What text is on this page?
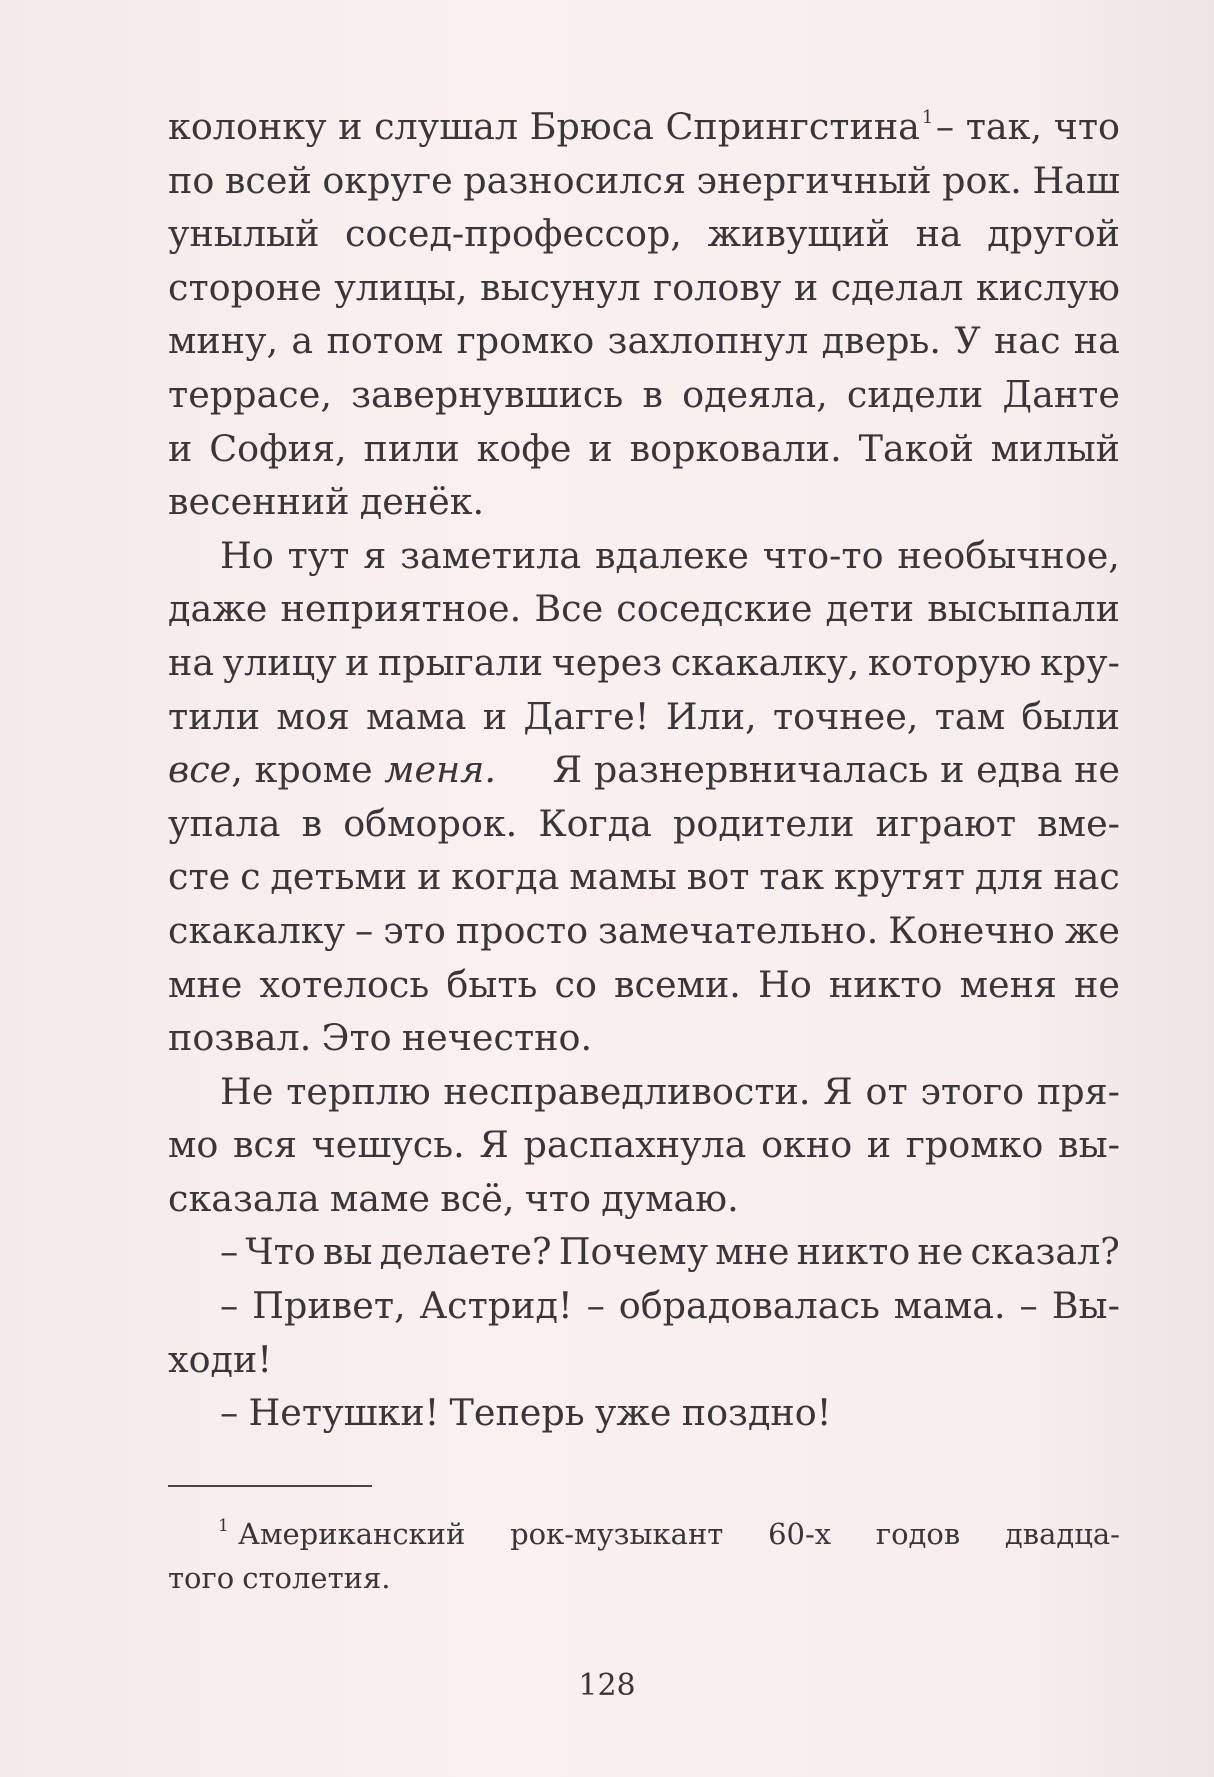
колонку и слушал Брюса Спрингстина $^1$ – так, что
по всей округе разносился энергичный рок. Наш
унылый сосед-профессор, живущий на другой
стороне улицы, высунул голову и сделал кислую
мину, а потом громко захлопнул дверь. У нас на
террасе, завернувшись в одеяла, сидели Данте
и София, пили кофе и ворковали. Такой милый
весенний денёк.
Но тут я заметила вдалеке что-то необычное,
даже неприятное. Все соседские дети высыпали
на улицу и прыгали через скакалку, которую кру-
тили моя мама и Дагге! Или, точнее, там были
все, кроме меня. Я разнервничалась и едва не
упала в обморок. Когда родители играют вме-
сте с детьми и когда мамы вот так крутят для нас
скакалку – это просто замечательно. Конечно же
мне хотелось быть со всеми. Но никто меня не
позвал. Это нечестно.
Не терплю несправедливости. Я от этого пря-
мо вся чешусь. Я распахнула окно и громко вы-
сказала маме всё, что думаю.
– Что вы делаете? Почему мне никто не сказал?
– Привет, Астрид! – обрадовалась мама. – Вы-
ходи!
– Нетушки! Теперь уже поздно!
1 Американский рок-музыкант 60-х годов двадца-
того столетия.
128
